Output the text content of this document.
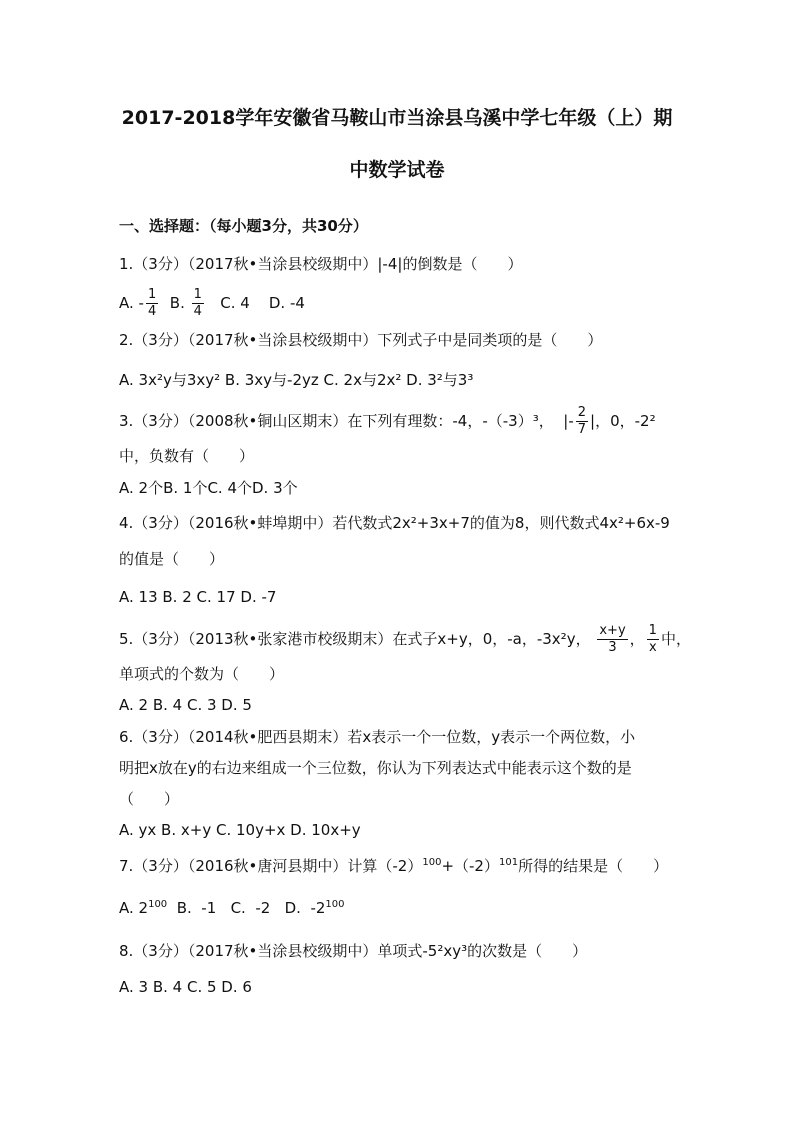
2017-2018学年安徽省马鞍山市当涂县乌溪中学七年级（上）期
中数学试卷
一、选择题：（每小题3分，共30分）
1.（3分）（2017秋•当涂县校级期中）|-4|的倒数是（　　）
A. - $\frac{1}{4} B$. $\frac{1}{4} C$. 4 D. -4
2.（3分）（2017秋•当涂县校级期中）下列式子中是同类项的是（　　）
A. 3x²y与3xy² B. 3xy与-2yz C. 2x与2x² D. 3²与3³
3.（3分）（2008秋•铜山区期末）在下列有理数：-4，-（-3）³， |- $\frac{2}{7}$ |，0，-2²
中，负数有（　　）
A. 2个B. 1个C. 4个D. 3个
4.（3分）（2016秋•蚌埠期中）若代数式2x²+3x+7的值为8，则代数式4x²+6x-9
的值是（　　）
A. 13 B. 2 C. 17 D. -7
5.（3分）（2013秋•张家港市校级期末）在式子x+y，0，-a，-3x²y， $\frac{x+y}{3}$ ， $\frac{1}{x}$ 中，
单项式的个数为（　　）
A. 2 B. 4 C. 3 D. 5
6.（3分）（2014秋•肥西县期末）若x表示一个一位数，y表示一个两位数，小
明把x放在y的右边来组成一个三位数，你认为下列表达式中能表示这个数的是
（　　）
A. yx B. x+y C. 10y+x D. 10x+y
7.（3分）（2016秋•唐河县期中）计算$(-2)^{100}+(-2)^{101}$所得的结果是（　　）
A. $2^{100}$  B.  -1   C.  -2   D.  $-2^{100}$
8.（3分）（2017秋•当涂县校级期中）单项式-5²xy³的次数是（　　）
A. 3 B. 4 C. 5 D. 6
